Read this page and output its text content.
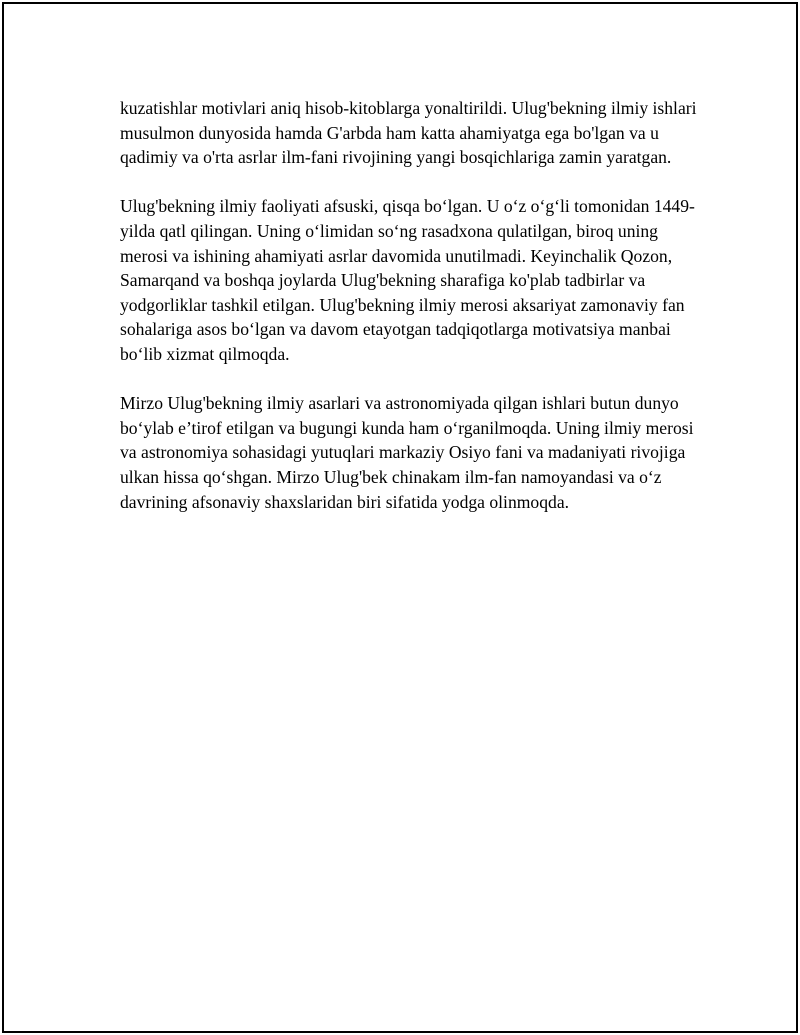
kuzatishlar motivlari aniq hisob-kitoblarga yonaltirildi. Ulug'bekning ilmiy ishlari musulmon dunyosida hamda G'arbda ham katta ahamiyatga ega bo'lgan va u qadimiy va o'rta asrlar ilm-fani rivojining yangi bosqichlariga zamin yaratgan.

Ulug'bekning ilmiy faoliyati afsuski, qisqa bo‘lgan. U o‘z o‘g‘li tomonidan 1449-yilda qatl qilingan. Uning o‘limidan so‘ng rasadxona qulatilgan, biroq uning merosi va ishining ahamiyati asrlar davomida unutilmadi. Keyinchalik Qozon, Samarqand va boshqa joylarda Ulug'bekning sharafiga ko'plab tadbirlar va yodgorliklar tashkil etilgan. Ulug'bekning ilmiy merosi aksariyat zamonaviy fan sohalariga asos bo‘lgan va davom etayotgan tadqiqotlarga motivatsiya manbai bo‘lib xizmat qilmoqda.

Mirzo Ulug'bekning ilmiy asarlari va astronomiyada qilgan ishlari butun dunyo bo‘ylab e’tirof etilgan va bugungi kunda ham o‘rganilmoqda. Uning ilmiy merosi va astronomiya sohasidagi yutuqlari markaziy Osiyo fani va madaniyati rivojiga ulkan hissa qo‘shgan. Mirzo Ulug'bek chinakam ilm-fan namoyandasi va o‘z davrining afsonaviy shaxslaridan biri sifatida yodga olinmoqda.
